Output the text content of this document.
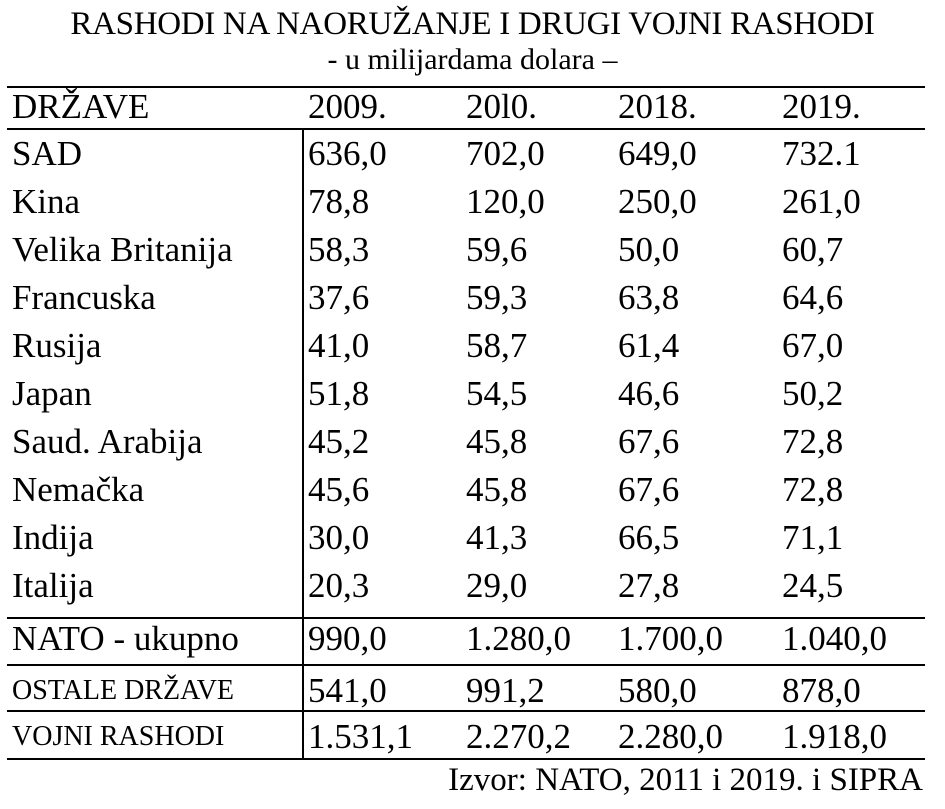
RASHODI NA NAORUŽANJE I DRUGI VOJNI RASHODI
- u milijardama dolara –
DRŽAVE	2009. 20l0. 2018. 2019.
SAD	636,0 702,0 649,0 732.1
Kina	78,8	120,0 250,0 261,0
Velika Britanija 58,3	59,6	50,0	60,7
Francuska	37,6	59,3	63,8	64,6
Rusija	41,0	58,7	61,4	67,0
Japan	51,8	54,5	46,6	50,2
Saud. Arabija	45,2	45,8	67,6	72,8
Nemačka	45,6	45,8	67,6	72,8
Indija	30,0	41,3	66,5	71,1
Italija	20,3	29,0	27,8	24,5
NATO - ukupno 990,0 1.280,0 1.700,0 1.040,0
OSTALE DRŽAVE 541,0 991,2 580,0 878,0
VOJNI RASHODI 1.531,1 2.270,2 2.280,0 1.918,0
Izvor: NATO, 2011 i 2019. i SIPRA
